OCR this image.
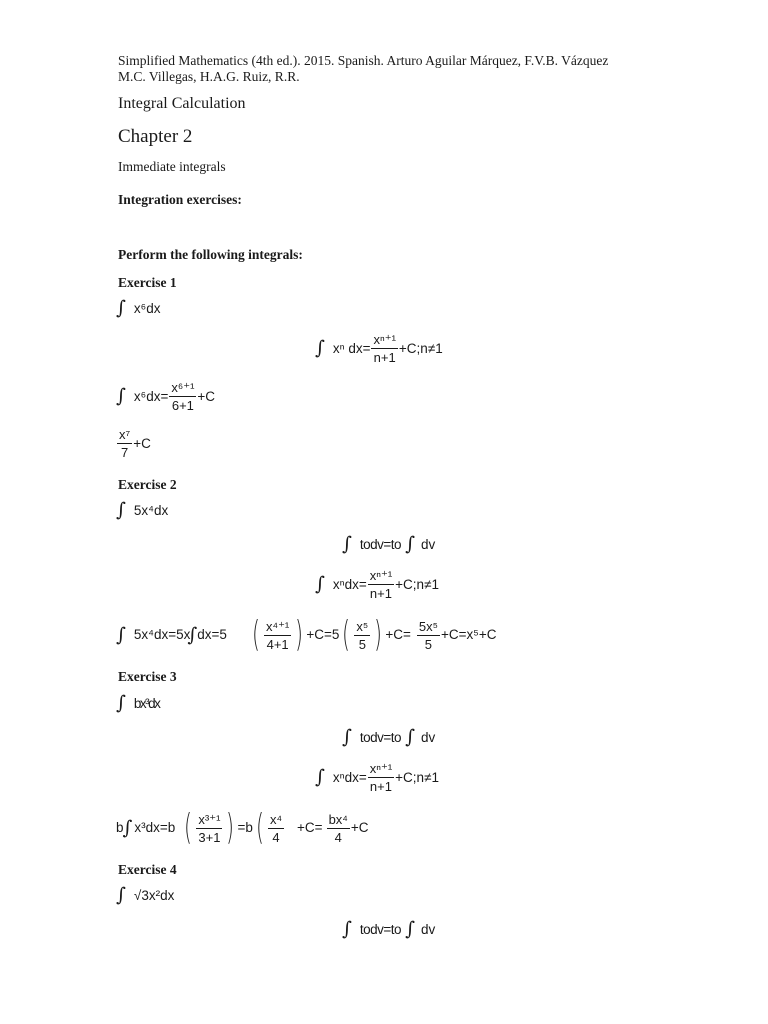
Simplified Mathematics (4th ed.). 2015. Spanish. Arturo Aguilar Márquez, F.V.B. Vázquez
M.C. Villegas, H.A.G. Ruiz, R.R.
Integral Calculation
Chapter 2
Immediate integrals
Integration exercises:
Perform the following integrals:
Exercise 1
∫ x⁶dx
∫ xⁿ $dx= \frac{\text{xⁿ⁺¹}}{n+1}$ +C;n≠1
∫ $x^6dx= \frac{\text{x⁶⁺¹}}{6+1} +C$
$\frac{\text{x⁷}}{7} +C$
Exercise 2
∫ 5x⁴dx
∫ todv=to ∫ dv
∫ $x^ndx= \frac{\text{xⁿ⁺¹}}{n+1}$ +C;n≠1
∫ 5x⁴dx=5x
∫ dx=5 ( $\frac{\text{x⁴⁺¹}}{4+1}$ ) +C=5 ( $\frac{\text{x⁵}}{5}$ ) $+C= \frac{\text{5x⁵}}{5} +C=x^5+C$
Exercise 3
∫ bx³dx
∫ todv=to ∫ dv
∫ $x^ndx= \frac{\text{xⁿ⁺¹}}{n+1}$ +C;n≠1
b ∫ x³dx=b ( $\frac{\text{x³⁺¹}}{3+1}$ ) =b ( $\frac{\text{x⁴}}{4} +C= \frac{\text{bx⁴}}{4} +C$
Exercise 4
∫ √3x²dx
∫ todv=to ∫ dv
